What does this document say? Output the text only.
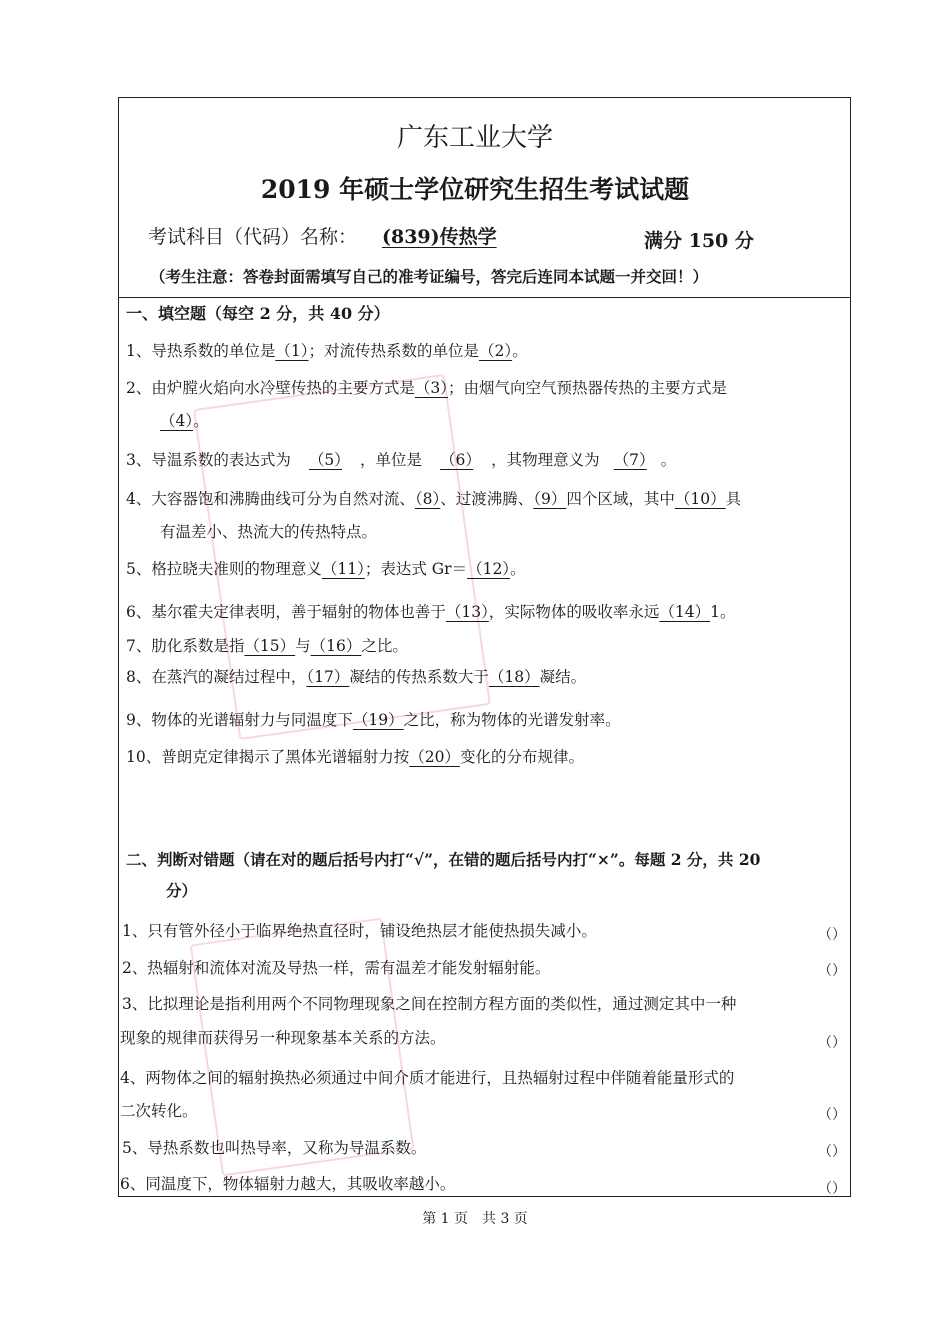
广东工业大学
2019 年硕士学位研究生招生考试试题
考试科目（代码）名称： (839)传热学	满分 150 分
（考生注意：答卷封面需填写自己的准考证编号，答完后连同本试题一并交回！）
一、填空题（每空 2 分，共 40 分）
1、导热系数的单位是（1）；对流传热系数的单位是（2）。
2、由炉膛火焰向水冷壁传热的主要方式是（3）；由烟气向空气预热器传热的主要方式是
（4）。
3、导温系数的表达式为 （5） ，单位是 （6） ，其物理意义为 （7） 。
4、大容器饱和沸腾曲线可分为自然对流、（8）、过渡沸腾、（9）四个区域，其中（10）具
有温差小、热流大的传热特点。
5、格拉晓夫准则的物理意义（11）；表达式 Gr＝（12）。
6、基尔霍夫定律表明，善于辐射的物体也善于（13），实际物体的吸收率永远（14）1。
7、肋化系数是指（15）与（16）之比。
8、在蒸汽的凝结过程中，（17）凝结的传热系数大于（18）凝结。
9、物体的光谱辐射力与同温度下（19）之比，称为物体的光谱发射率。
10、普朗克定律揭示了黑体光谱辐射力按（20）变化的分布规律。
二、判断对错题（请在对的题后括号内打“√”，在错的题后括号内打“×”。每题 2 分，共 20
分）
1、只有管外径小于临界绝热直径时，铺设绝热层才能使热损失减小。	（）
2、热辐射和流体对流及导热一样，需有温差才能发射辐射能。	（）
3、比拟理论是指利用两个不同物理现象之间在控制方程方面的类似性，通过测定其中一种
现象的规律而获得另一种现象基本关系的方法。	（）
4、两物体之间的辐射换热必须通过中间介质才能进行，且热辐射过程中伴随着能量形式的
二次转化。	（）
5、导热系数也叫热导率，又称为导温系数。	（）
6、同温度下，物体辐射力越大，其吸收率越小。	（）
第 1 页　共 3 页
